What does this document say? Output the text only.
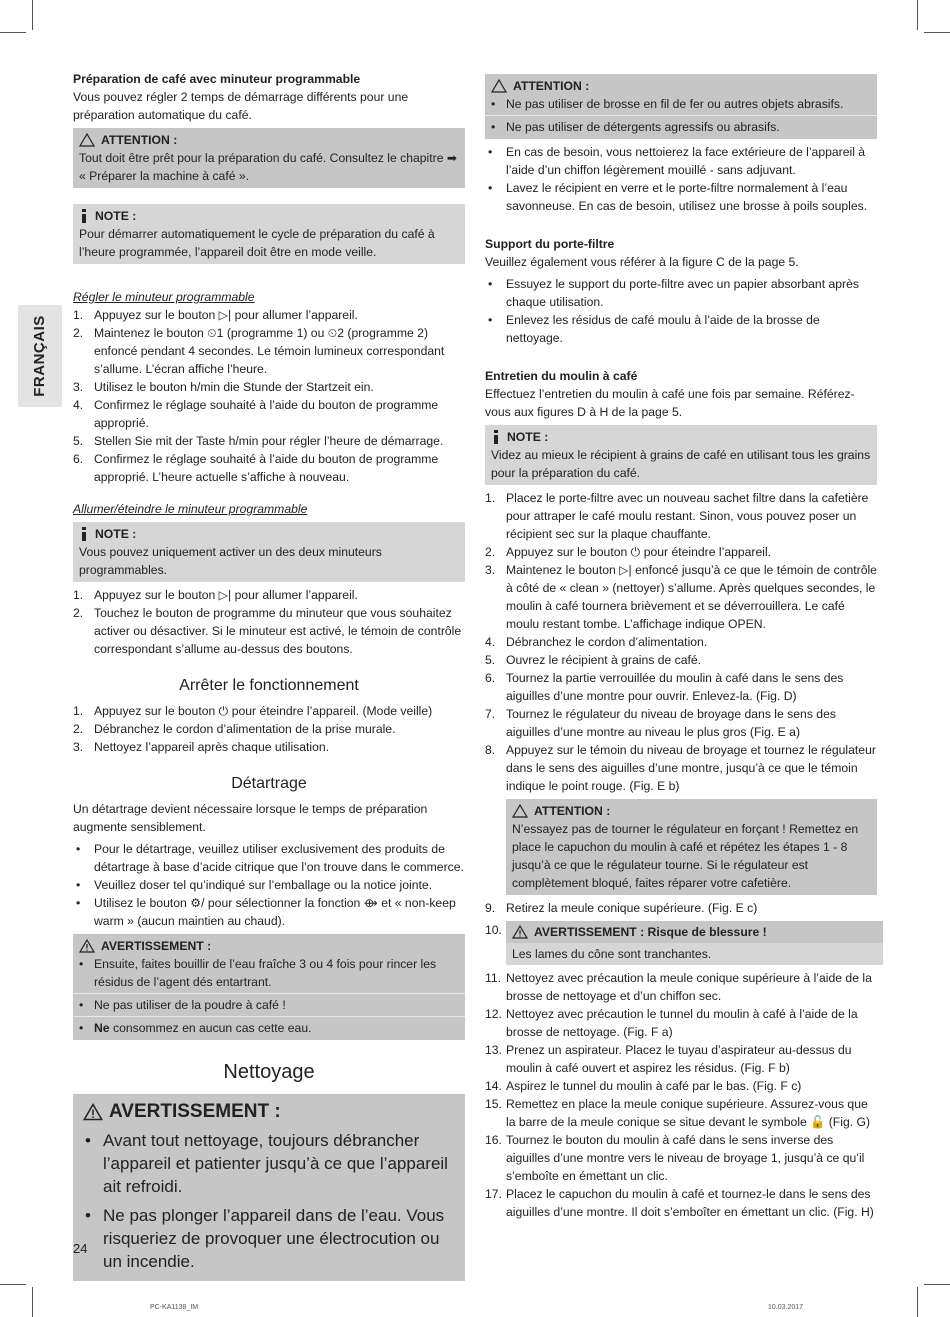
FRANÇAIS

Préparation de café avec minuteur programmable

Vous pouvez régler 2 temps de démarrage différents pour une préparation automatique du café.

ATTENTION :

Tout doit être prêt pour la préparation du café. Consultez le chapitre ➡ « Préparer la machine à café ».

NOTE :

Pour démarrer automatiquement le cycle de préparation du café à l’heure programmée, l’appareil doit être en mode veille.

Régler le minuteur programmable

1. Appuyez sur le bouton ▷| pour allumer l’appareil.
2. Maintenez le bouton ⏲1 (programme 1) ou ⏲2 (programme 2) enfoncé pendant 4 secondes. Le témoin lumineux correspondant s’allume. L’écran affiche l’heure.
3. Utilisez le bouton h/min die Stunde der Startzeit ein.
4. Confirmez le réglage souhaité à l’aide du bouton de programme approprié.
5. Stellen Sie mit der Taste h/min pour régler l’heure de démarrage.
6. Confirmez le réglage souhaité à l’aide du bouton de programme approprié. L’heure actuelle s’affiche à nouveau.

Allumer/éteindre le minuteur programmable

NOTE :

Vous pouvez uniquement activer un des deux minuteurs programmables.

1. Appuyez sur le bouton ▷| pour allumer l’appareil.
2. Touchez le bouton de programme du minuteur que vous souhaitez activer ou désactiver. Si le minuteur est activé, le témoin de contrôle correspondant s’allume au-dessus des boutons.

Arrêter le fonctionnement

1. Appuyez sur le bouton ⏻ pour éteindre l’appareil. (Mode veille)
2. Débranchez le cordon d’alimentation de la prise murale.
3. Nettoyez l’appareil après chaque utilisation.

Détartrage

Un détartrage devient nécessaire lorsque le temps de préparation augmente sensiblement.

• Pour le détartrage, veuillez utiliser exclusivement des produits de détartrage à base d’acide citrique que l’on trouve dans le commerce.
• Veuillez doser tel qu’indiqué sur l’emballage ou la notice jointe.
• Utilisez le bouton ⚙/ pour sélectionner la fonction ⟴ et « non-keep warm » (aucun maintien au chaud).
AVERTISSEMENT :
• Ensuite, faites bouillir de l’eau fraîche 3 ou 4 fois pour rincer les résidus de l’agent dés entartrant.
• Ne pas utiliser de la poudre à café !
• Ne consommez en aucun cas cette eau.

Nettoyage

AVERTISSEMENT :
• Avant tout nettoyage, toujours débrancher l’appareil et patienter jusqu’à ce que l’appareil ait refroidi.
• Ne pas plonger l’appareil dans de l’eau. Vous risqueriez de provoquer une électrocution ou un incendie.
ATTENTION :
• Ne pas utiliser de brosse en fil de fer ou autres objets abrasifs.
• Ne pas utiliser de détergents agressifs ou abrasifs.
• En cas de besoin, vous nettoierez la face extérieure de l’appareil à l’aide d’un chiffon légèrement mouillé - sans adjuvant.
• Lavez le récipient en verre et le porte-filtre normalement à l’eau savonneuse. En cas de besoin, utilisez une brosse à poils souples.

Support du porte-filtre

Veuillez également vous référer à la figure C de la page 5.

• Essuyez le support du porte-filtre avec un papier absorbant après chaque utilisation.
• Enlevez les résidus de café moulu à l’aide de la brosse de nettoyage.

Entretien du moulin à café

Effectuez l’entretien du moulin à café une fois par semaine. Référez-vous aux figures D à H de la page 5.

NOTE :

Videz au mieux le récipient à grains de café en utilisant tous les grains pour la préparation du café.

1. Placez le porte-filtre avec un nouveau sachet filtre dans la cafetière pour attraper le café moulu restant. Sinon, vous pouvez poser un récipient sec sur la plaque chauffante.
2. Appuyez sur le bouton ⏻ pour éteindre l’appareil.
3. Maintenez le bouton ▷| enfoncé jusqu’à ce que le témoin de contrôle à côté de « clean » (nettoyer) s’allume. Après quelques secondes, le moulin à café tournera brièvement et se déverrouillera. Le café moulu restant tombe. L’affichage indique OPEN.
4. Débranchez le cordon d’alimentation.
5. Ouvrez le récipient à grains de café.
6. Tournez la partie verrouillée du moulin à café dans le sens des aiguilles d’une montre pour ouvrir. Enlevez-la. (Fig. D)
7. Tournez le régulateur du niveau de broyage dans le sens des aiguilles d’une montre au niveau le plus gros (Fig. E a)
8. Appuyez sur le témoin du niveau de broyage et tournez le régulateur dans le sens des aiguilles d’une montre, jusqu’à ce que le témoin indique le point rouge. (Fig. E b)
ATTENTION :

N’essayez pas de tourner le régulateur en forçant ! Remettez en place le capuchon du moulin à café et répétez les étapes 1 - 8 jusqu’à ce que le régulateur tourne. Si le régulateur est complètement bloqué, faites réparer votre cafetière.

9. Retirez la meule conique supérieure. (Fig. E c)
10.	AVERTISSEMENT : Risque de blessure !
Les lames du cône sont tranchantes.
11. Nettoyez avec précaution la meule conique supérieure à l’aide de la brosse de nettoyage et d’un chiffon sec.
12. Nettoyez avec précaution le tunnel du moulin à café à l’aide de la brosse de nettoyage. (Fig. F a)
13. Prenez un aspirateur. Placez le tuyau d’aspirateur au-dessus du moulin à café ouvert et aspirez les résidus. (Fig. F b)
14. Aspirez le tunnel du moulin à café par le bas. (Fig. F c)
15. Remettez en place la meule conique supérieure. Assurez-vous que la barre de la meule conique se situe devant le symbole 🔓 (Fig. G)
16. Tournez le bouton du moulin à café dans le sens inverse des aiguilles d’une montre vers le niveau de broyage 1, jusqu’à ce qu’il s’emboîte en émettant un clic.
17. Placez le capuchon du moulin à café et tournez-le dans le sens des aiguilles d’une montre. Il doit s’emboîter en émettant un clic. (Fig. H)
24
PC-KA1138_IM	10.03.2017
